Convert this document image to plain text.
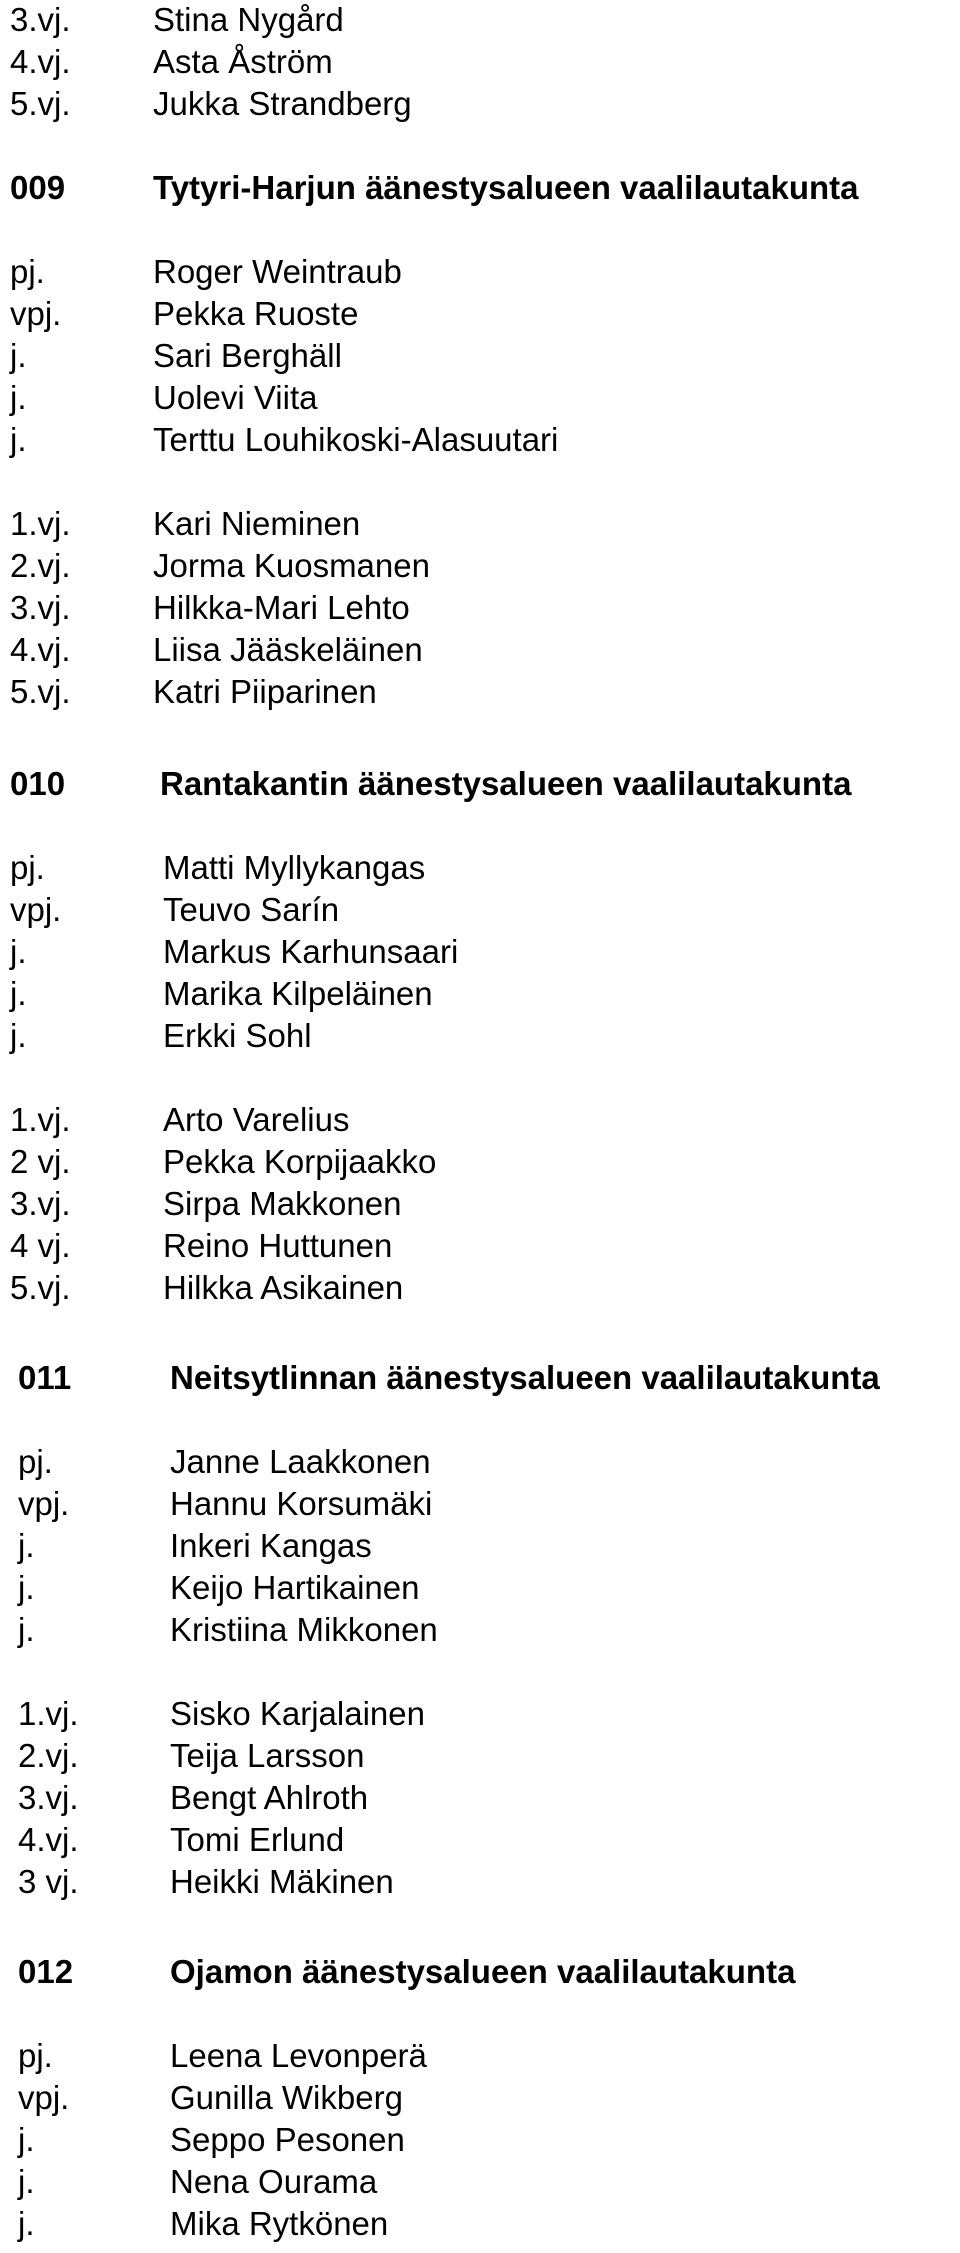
3.vj. Stina Nygård
4.vj. Asta Åström
5.vj. Jukka Strandberg
009	Tytyri-Harjun äänestysalueen vaalilautakunta
pj.	Roger Weintraub
vpj.	Pekka Ruoste
j.	Sari Berghäll
j.	Uolevi Viita
j.	Terttu Louhikoski-Alasuutari
1.vj. Kari Nieminen
2.vj. Jorma Kuosmanen
3.vj. Hilkka-Mari Lehto
4.vj. Liisa Jääskeläinen
5.vj. Katri Piiparinen
010	Rantakantin äänestysalueen vaalilautakunta
pj.	Matti Myllykangas
vpj.	Teuvo Sarín
j.	Markus Karhunsaari
j.	Marika Kilpeläinen
j.	Erkki Sohl
1.vj.	Arto Varelius
2 vj.	Pekka Korpijaakko
3.vj.	Sirpa Makkonen
4 vj.	Reino Huttunen
5.vj.	Hilkka Asikainen
011	Neitsytlinnan äänestysalueen vaalilautakunta
pj.	Janne Laakkonen
vpj.	Hannu Korsumäki
j.	Inkeri Kangas
j.	Keijo Hartikainen
j.	Kristiina Mikkonen
1.vj.	Sisko Karjalainen
2.vj.	Teija Larsson
3.vj.	Bengt Ahlroth
4.vj.	Tomi Erlund
3 vj.	Heikki Mäkinen
012	Ojamon äänestysalueen vaalilautakunta
pj.	Leena Levonperä
vpj.	Gunilla Wikberg
j.	Seppo Pesonen
j.	Nena Ourama
j.	Mika Rytkönen
